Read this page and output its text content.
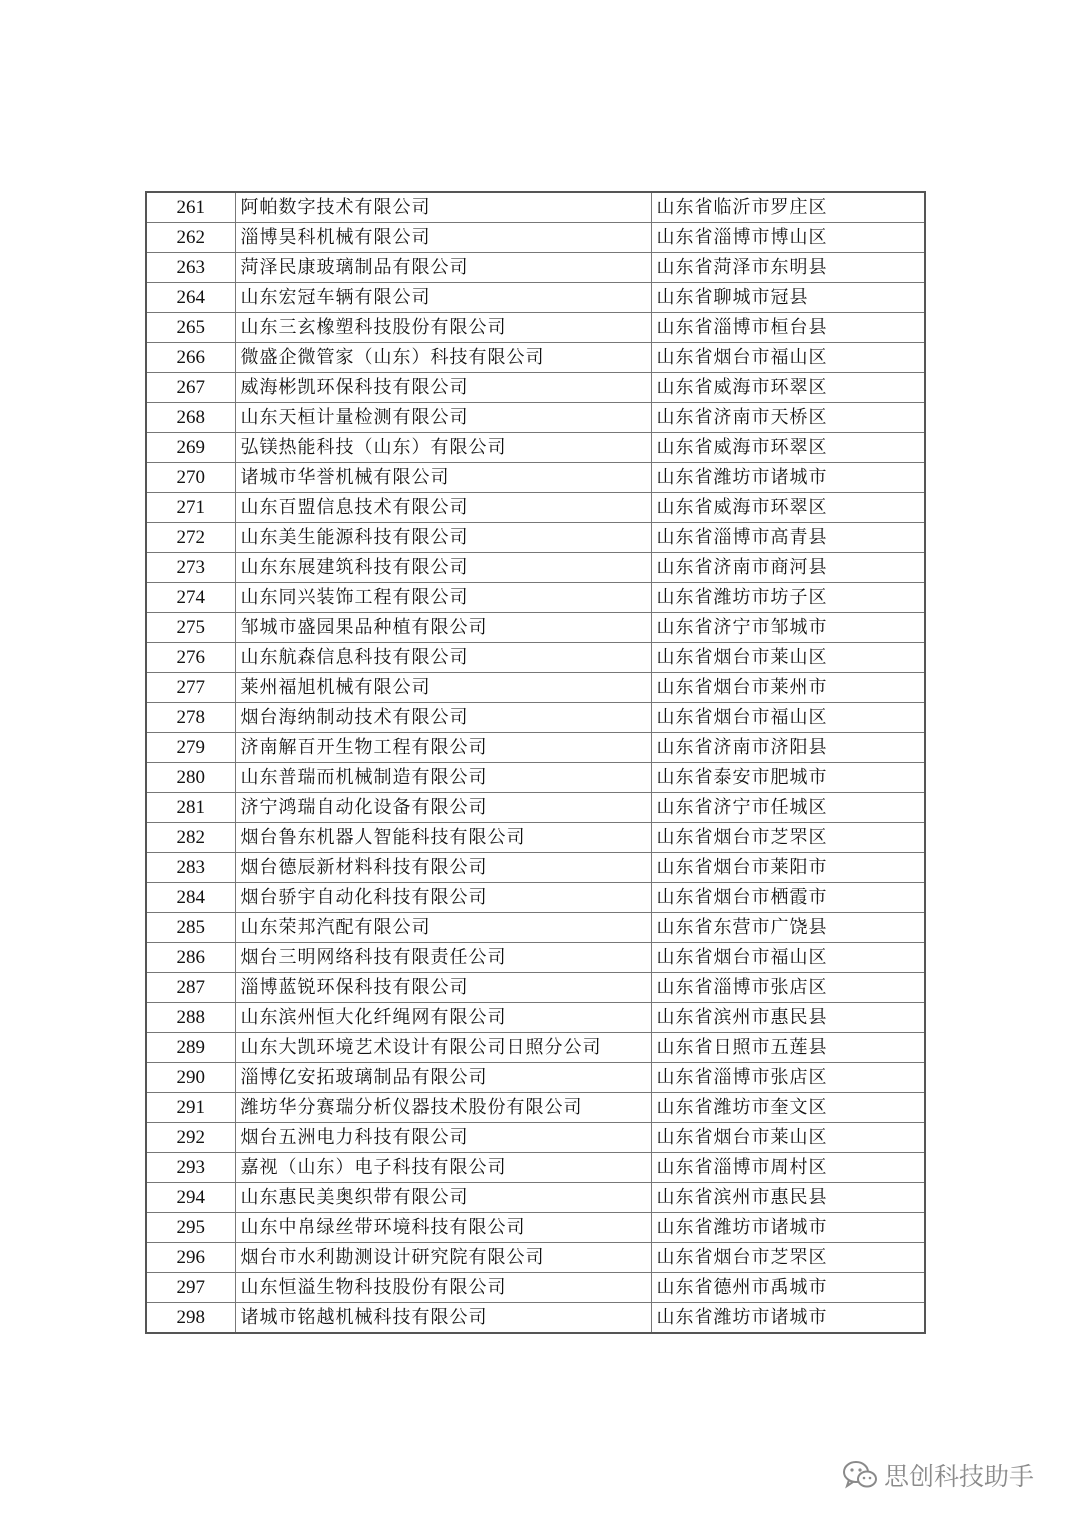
261	阿帕数字技术有限公司	山东省临沂市罗庄区
262	淄博昊科机械有限公司	山东省淄博市博山区
263	菏泽民康玻璃制品有限公司	山东省菏泽市东明县
264	山东宏冠车辆有限公司	山东省聊城市冠县
265	山东三玄橡塑科技股份有限公司	山东省淄博市桓台县
266	微盛企微管家（山东）科技有限公司	山东省烟台市福山区
267	威海彬凯环保科技有限公司	山东省威海市环翠区
268	山东天桓计量检测有限公司	山东省济南市天桥区
269	弘镁热能科技（山东）有限公司	山东省威海市环翠区
270	诸城市华誉机械有限公司	山东省潍坊市诸城市
271	山东百盟信息技术有限公司	山东省威海市环翠区
272	山东美生能源科技有限公司	山东省淄博市高青县
273	山东东展建筑科技有限公司	山东省济南市商河县
274	山东同兴装饰工程有限公司	山东省潍坊市坊子区
275	邹城市盛园果品种植有限公司	山东省济宁市邹城市
276	山东航森信息科技有限公司	山东省烟台市莱山区
277	莱州福旭机械有限公司	山东省烟台市莱州市
278	烟台海纳制动技术有限公司	山东省烟台市福山区
279	济南解百开生物工程有限公司	山东省济南市济阳县
280	山东普瑞而机械制造有限公司	山东省泰安市肥城市
281	济宁鸿瑞自动化设备有限公司	山东省济宁市任城区
282	烟台鲁东机器人智能科技有限公司	山东省烟台市芝罘区
283	烟台德辰新材料科技有限公司	山东省烟台市莱阳市
284	烟台骄宇自动化科技有限公司	山东省烟台市栖霞市
285	山东荣邦汽配有限公司	山东省东营市广饶县
286	烟台三明网络科技有限责任公司	山东省烟台市福山区
287	淄博蓝锐环保科技有限公司	山东省淄博市张店区
288	山东滨州恒大化纤绳网有限公司	山东省滨州市惠民县
289	山东大凯环境艺术设计有限公司日照分公司	山东省日照市五莲县
290	淄博亿安拓玻璃制品有限公司	山东省淄博市张店区
291	潍坊华分赛瑞分析仪器技术股份有限公司	山东省潍坊市奎文区
292	烟台五洲电力科技有限公司	山东省烟台市莱山区
293	嘉视（山东）电子科技有限公司	山东省淄博市周村区
294	山东惠民美奥织带有限公司	山东省滨州市惠民县
295	山东中帛绿丝带环境科技有限公司	山东省潍坊市诸城市
296	烟台市水利勘测设计研究院有限公司	山东省烟台市芝罘区
297	山东恒溢生物科技股份有限公司	山东省德州市禹城市
298	诸城市铭越机械科技有限公司	山东省潍坊市诸城市
思创科技助手
